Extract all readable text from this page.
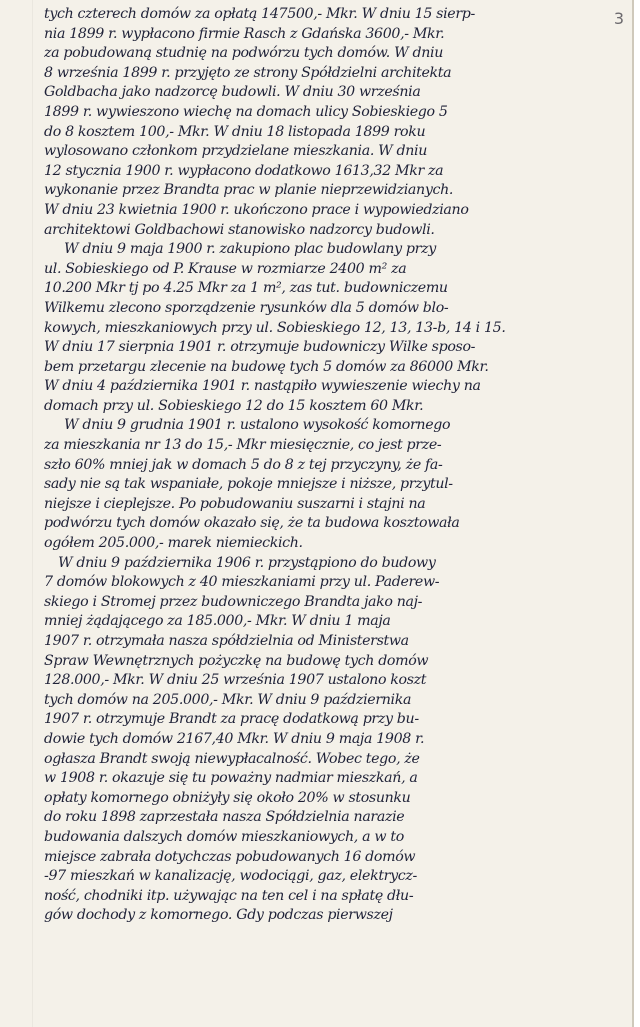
3
tych czterech domów za opłatą 147500,- Mkr. W dniu 15 sierp-
nia 1899 r. wypłacono firmie Rasch z Gdańska 3600,- Mkr.
za pobudowaną studnię na podwórzu tych domów. W dniu
8 września 1899 r. przyjęto ze strony Spółdzielni architekta
Goldbacha jako nadzorcę budowli. W dniu 30 września
1899 r. wywieszono wiechę na domach ulicy Sobieskiego 5
do 8 kosztem 100,- Mkr. W dniu 18 listopada 1899 roku
wylosowano członkom przydzielane mieszkania. W dniu
12 stycznia 1900 r. wypłacono dodatkowo 1613,32 Mkr za
wykonanie przez Brandta prac w planie nieprzewidzianych.
W dniu 23 kwietnia 1900 r. ukończono prace i wypowiedziano
architektowi Goldbachowi stanowisko nadzorcy budowli.
W dniu 9 maja 1900 r. zakupiono plac budowlany przy
ul. Sobieskiego od P. Krause w rozmiarze 2400 m² za
10.200 Mkr tj po 4.25 Mkr za 1 m², zas tut. budowniczemu
Wilkemu zlecono sporządzenie rysunków dla 5 domów blo-
kowych, mieszkaniowych przy ul. Sobieskiego 12, 13, 13-b, 14 i 15.
W dniu 17 sierpnia 1901 r. otrzymuje budowniczy Wilke sposo-
bem przetargu zlecenie na budowę tych 5 domów za 86000 Mkr.
W dniu 4 października 1901 r. nastąpiło wywieszenie wiechy na
domach przy ul. Sobieskiego 12 do 15 kosztem 60 Mkr.
W dniu 9 grudnia 1901 r. ustalono wysokość komornego
za mieszkania nr 13 do 15,- Mkr miesięcznie, co jest prze-
szło 60% mniej jak w domach 5 do 8 z tej przyczyny, że fa-
sady nie są tak wspaniałe, pokoje mniejsze i niższe, przytul-
niejsze i cieplejsze. Po pobudowaniu suszarni i stajni na
podwórzu tych domów okazało się, że ta budowa kosztowała
ogółem 205.000,- marek niemieckich.
W dniu 9 października 1906 r. przystąpiono do budowy
7 domów blokowych z 40 mieszkaniami przy ul. Paderew-
skiego i Stromej przez budowniczego Brandta jako naj-
mniej żądającego za 185.000,- Mkr. W dniu 1 maja
1907 r. otrzymała nasza spółdzielnia od Ministerstwa
Spraw Wewnętrznych pożyczkę na budowę tych domów
128.000,- Mkr. W dniu 25 września 1907 ustalono koszt
tych domów na 205.000,- Mkr. W dniu 9 października
1907 r. otrzymuje Brandt za pracę dodatkową przy bu-
dowie tych domów 2167,40 Mkr. W dniu 9 maja 1908 r.
ogłasza Brandt swoją niewypłacalność. Wobec tego, że
w 1908 r. okazuje się tu poważny nadmiar mieszkań, a
opłaty komornego obniżyły się około 20% w stosunku
do roku 1898 zaprzestała nasza Spółdzielnia narazie
budowania dalszych domów mieszkaniowych, a w to
miejsce zabrała dotychczas pobudowanych 16 domów
-97 mieszkań w kanalizację, wodociągi, gaz, elektrycz-
ność, chodniki itp. używając na ten cel i na spłatę dłu-
gów dochody z komornego. Gdy podczas pierwszej
